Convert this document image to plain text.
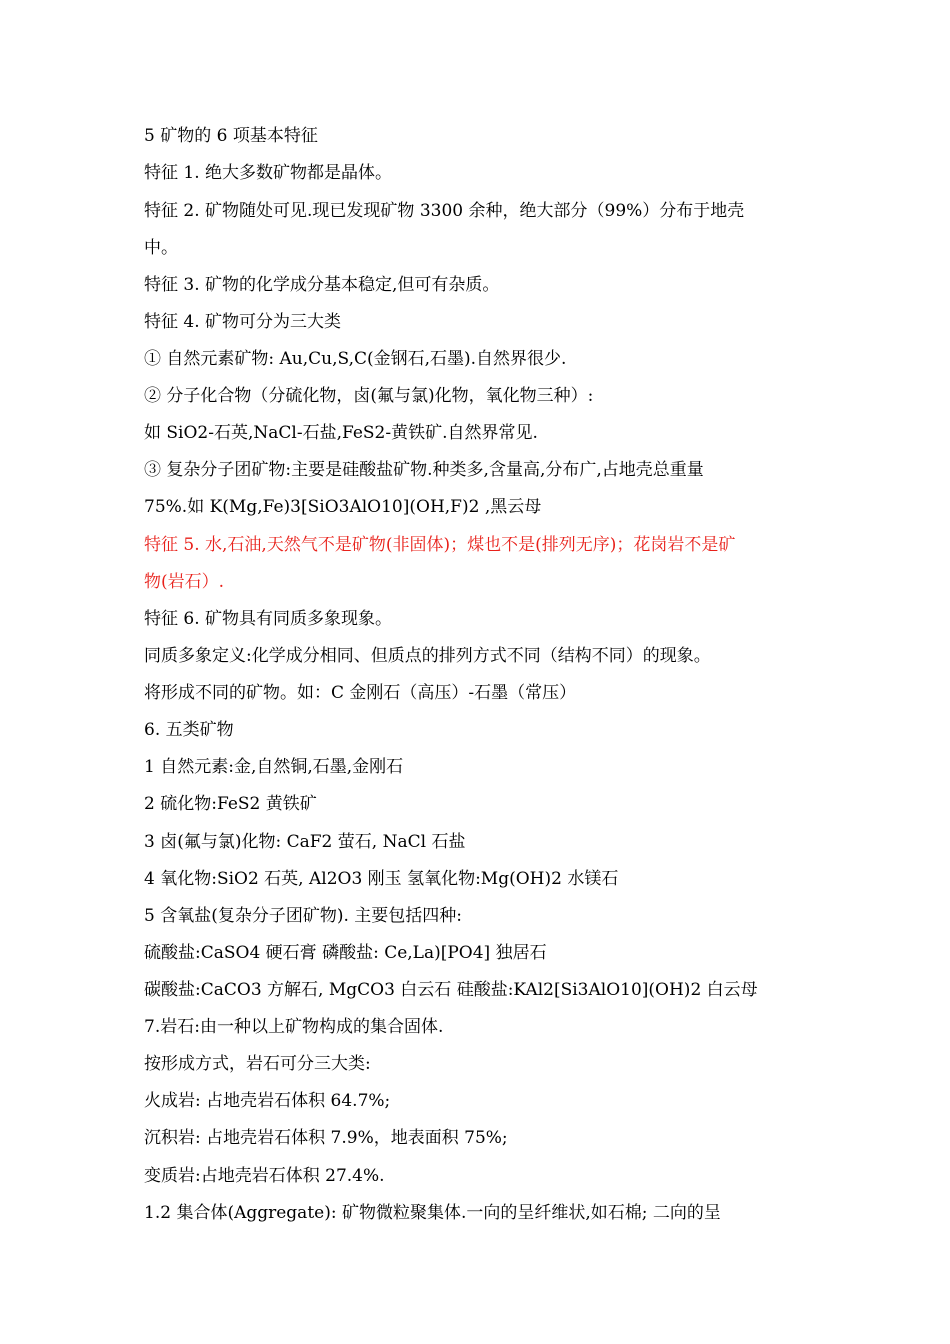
5 矿物的 6 项基本特征
特征 1. 绝大多数矿物都是晶体。
特征 2. 矿物随处可见.现已发现矿物 3300 余种，绝大部分（99%）分布于地壳
中。
特征 3. 矿物的化学成分基本稳定,但可有杂质。
特征 4. 矿物可分为三大类
① 自然元素矿物: Au,Cu,S,C(金钢石,石墨).自然界很少.
② 分子化合物（分硫化物，卤(氟与氯)化物，氧化物三种）:
如 SiO2-石英,NaCl-石盐,FeS2-黄铁矿.自然界常见.
③ 复杂分子团矿物:主要是硅酸盐矿物.种类多,含量高,分布广,占地壳总重量
75%.如 K(Mg,Fe)3[SiO3AlO10](OH,F)2 ,黑云母
特征 5. 水,石油,天然气不是矿物(非固体)；煤也不是(排列无序)；花岗岩不是矿
物(岩石）.
特征 6. 矿物具有同质多象现象。
同质多象定义:化学成分相同、但质点的排列方式不同（结构不同）的现象。
将形成不同的矿物。如：C 金刚石（高压）-石墨（常压）
6. 五类矿物
1 自然元素:金,自然铜,石墨,金刚石
2 硫化物:FeS2 黄铁矿
3 卤(氟与氯)化物: CaF2 萤石, NaCl 石盐
4 氧化物:SiO2 石英, Al2O3 刚玉 氢氧化物:Mg(OH)2 水镁石
5 含氧盐(复杂分子团矿物). 主要包括四种:
硫酸盐:CaSO4 硬石膏 磷酸盐: Ce,La)[PO4] 独居石
碳酸盐:CaCO3 方解石, MgCO3 白云石 硅酸盐:KAl2[Si3AlO10](OH)2 白云母
7.岩石:由一种以上矿物构成的集合固体.
按形成方式，岩石可分三大类:
火成岩: 占地壳岩石体积 64.7%;
沉积岩: 占地壳岩石体积 7.9%，地表面积 75%;
变质岩:占地壳岩石体积 27.4%.
1.2 集合体(Aggregate): 矿物微粒聚集体.一向的呈纤维状,如石棉; 二向的呈
